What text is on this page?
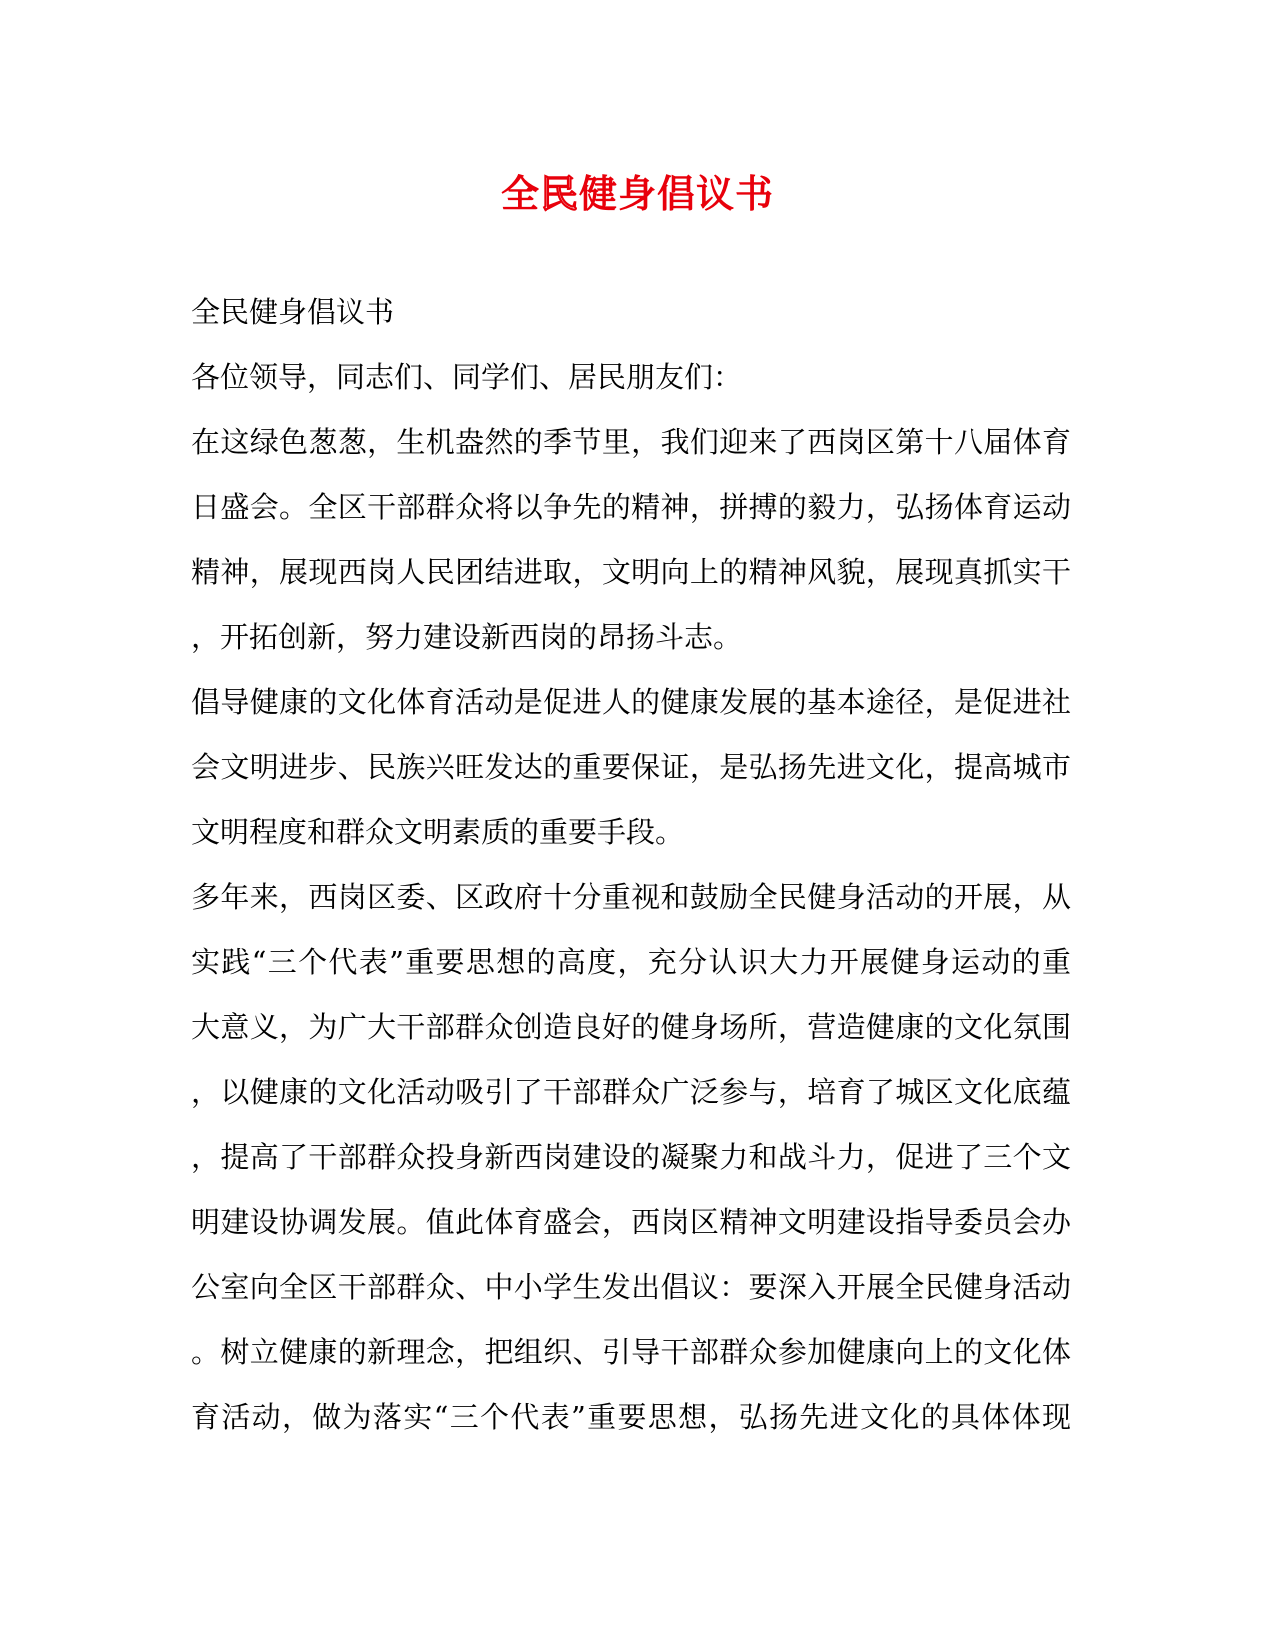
全民健身倡议书
全民健身倡议书
各位领导，同志们、同学们、居民朋友们：
在这绿色葱葱，生机盎然的季节里，我们迎来了西岗区第十八届体育
日盛会。全区干部群众将以争先的精神，拼搏的毅力，弘扬体育运动
精神，展现西岗人民团结进取，文明向上的精神风貌，展现真抓实干
，开拓创新，努力建设新西岗的昂扬斗志。
倡导健康的文化体育活动是促进人的健康发展的基本途径，是促进社
会文明进步、民族兴旺发达的重要保证，是弘扬先进文化，提高城市
文明程度和群众文明素质的重要手段。
多年来，西岗区委、区政府十分重视和鼓励全民健身活动的开展，从
实践“三个代表”重要思想的高度，充分认识大力开展健身运动的重
大意义，为广大干部群众创造良好的健身场所，营造健康的文化氛围
，以健康的文化活动吸引了干部群众广泛参与，培育了城区文化底蕴
，提高了干部群众投身新西岗建设的凝聚力和战斗力，促进了三个文
明建设协调发展。值此体育盛会，西岗区精神文明建设指导委员会办
公室向全区干部群众、中小学生发出倡议：要深入开展全民健身活动
。树立健康的新理念，把组织、引导干部群众参加健康向上的文化体
育活动，做为落实“三个代表”重要思想，弘扬先进文化的具体体现
